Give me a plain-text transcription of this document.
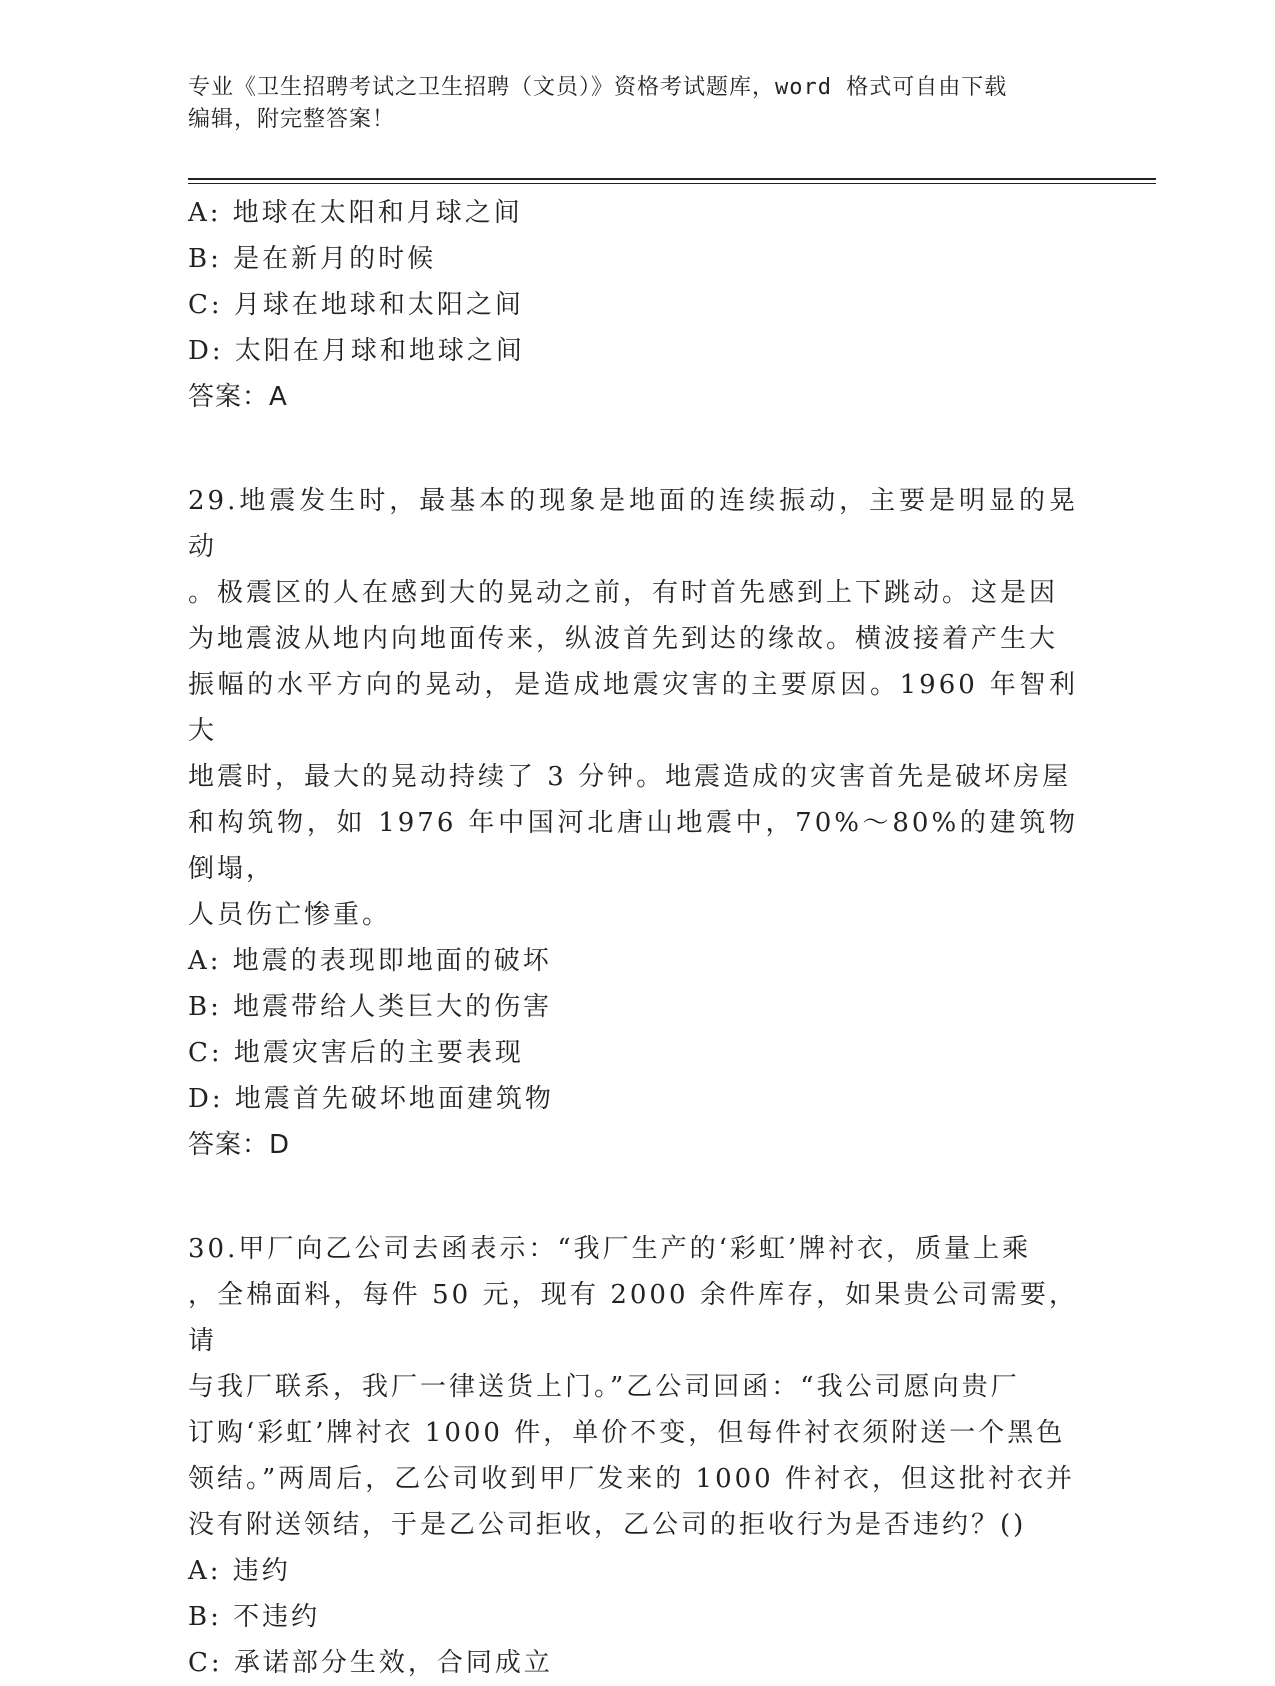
专业《卫生招聘考试之卫生招聘（文员）》资格考试题库，word 格式可自由下载
编辑，附完整答案！
A: 地球在太阳和月球之间
B: 是在新月的时候
C: 月球在地球和太阳之间
D: 太阳在月球和地球之间
答案：A
29.地震发生时，最基本的现象是地面的连续振动，主要是明显的晃动
。极震区的人在感到大的晃动之前，有时首先感到上下跳动。这是因
为地震波从地内向地面传来，纵波首先到达的缘故。横波接着产生大
振幅的水平方向的晃动，是造成地震灾害的主要原因。1960 年智利大
地震时，最大的晃动持续了 3 分钟。地震造成的灾害首先是破坏房屋
和构筑物，如 1976 年中国河北唐山地震中，70%～80%的建筑物倒塌，
人员伤亡惨重。
A: 地震的表现即地面的破坏
B: 地震带给人类巨大的伤害
C: 地震灾害后的主要表现
D: 地震首先破坏地面建筑物
答案：D
30.甲厂向乙公司去函表示：“我厂生产的‘彩虹’牌衬衣，质量上乘
，全棉面料，每件 50 元，现有 2000 余件库存，如果贵公司需要，请
与我厂联系，我厂一律送货上门。”乙公司回函：“我公司愿向贵厂
订购‘彩虹’牌衬衣 1000 件，单价不变，但每件衬衣须附送一个黑色
领结。”两周后，乙公司收到甲厂发来的 1000 件衬衣，但这批衬衣并
没有附送领结，于是乙公司拒收，乙公司的拒收行为是否违约？()
A: 违约
B: 不违约
C: 承诺部分生效，合同成立
